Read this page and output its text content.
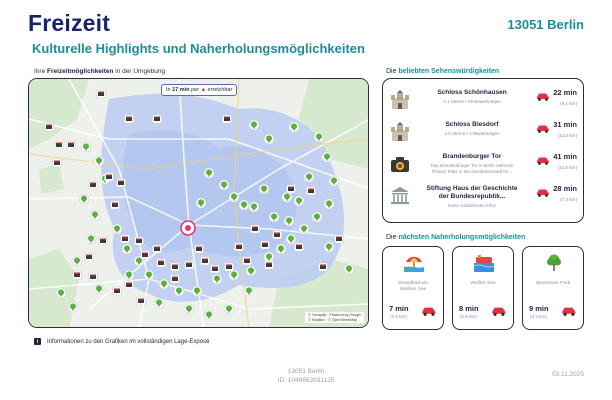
Freizeit	13051 Berlin
Kulturelle Highlights und Naherholungsmöglichkeiten
Ihre Freizeitmöglichkeiten in der Umgebung
In 17 min per ▲ erreichbar
© Geoapify · Powered by Google
© MapBox · © OpenStreetMap
i	Informationen zu den Grafiken im vollständigen Lage-Exposé
Die beliebten Sehenswürdigkeiten
Schloss Schönhausen
4.1 Sterne • 29 Bewertungen
22 min
(9,1 km)
Schloss Biesdorf
4.5 Sterne • 2 Bewertungen
31 min
(13,3 km)
Brandenburger Tor
Das Brandenburger Tor in Berlin steht am
Pariser Platz in der Dorotheenstadt im...
41 min
(10,6 km)
Stiftung Haus der Geschichte
der Bundesrepublik...
keine zusätzlichen Infos
28 min
(7,3 km)
Die nächsten Naherholungsmöglichkeiten
Strandbad am
Weißen See
7 min
(2,5 km)
Weißer See
8 min
(2,6 km)
Wustrower Park
9 min
(3,3 km)
13051 Berlin
ID: 1048662031125
03.11.2025
